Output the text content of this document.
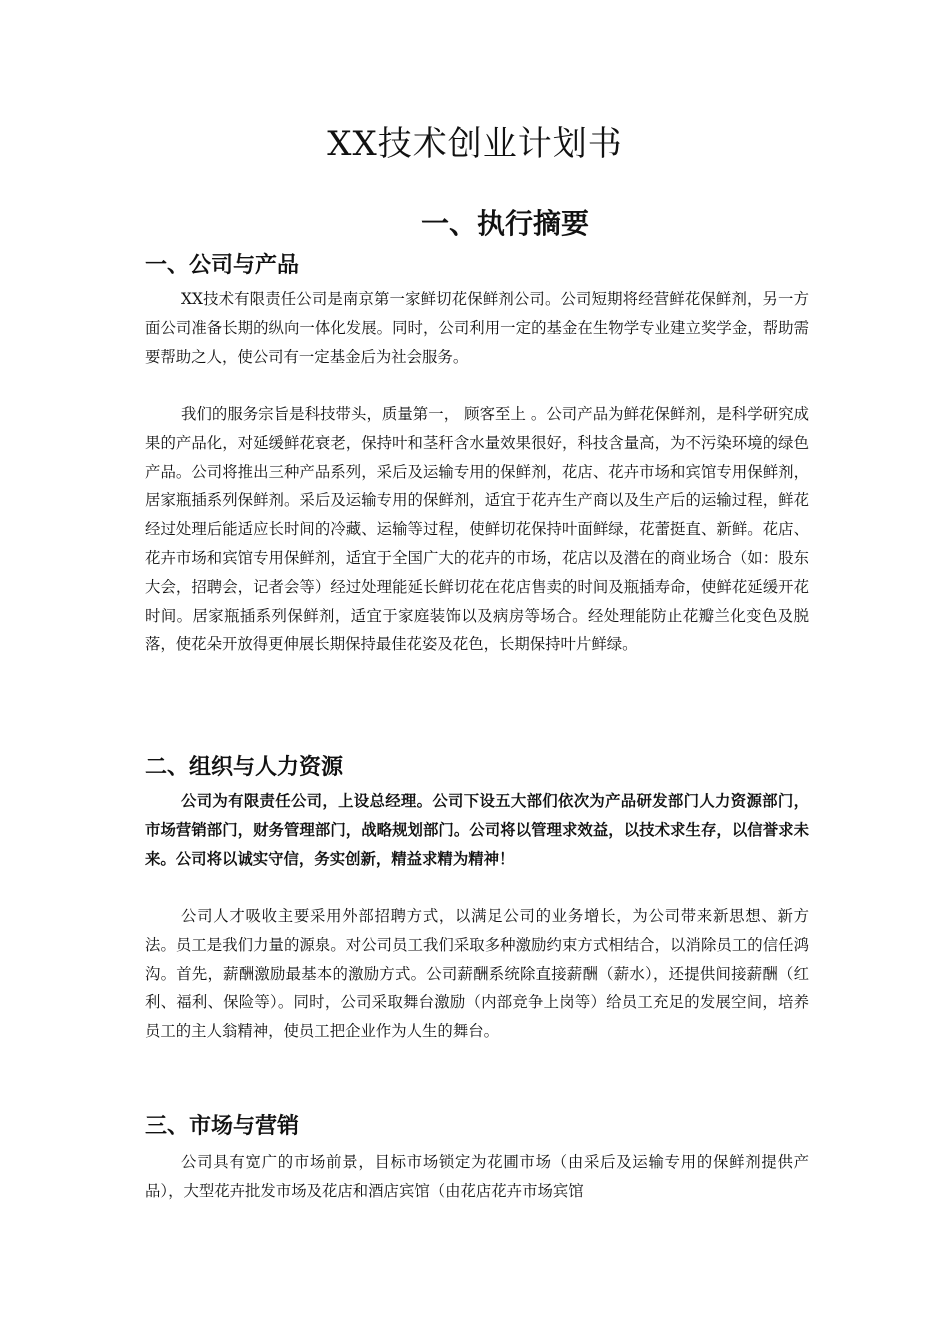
XX技术创业计划书
一、执行摘要
一、公司与产品

XX技术有限责任公司是南京第一家鲜切花保鲜剂公司。公司短期将经营鲜花保鲜剂，另一方面公司准备长期的纵向一体化发展。同时，公司利用一定的基金在生物学专业建立奖学金，帮助需要帮助之人，使公司有一定基金后为社会服务。

我们的服务宗旨是科技带头，质量第一， 顾客至上 。公司产品为鲜花保鲜剂，是科学研究成果的产品化，对延缓鲜花衰老，保持叶和茎秆含水量效果很好，科技含量高，为不污染环境的绿色产品。公司将推出三种产品系列，采后及运输专用的保鲜剂，花店、花卉市场和宾馆专用保鲜剂，居家瓶插系列保鲜剂。采后及运输专用的保鲜剂，适宜于花卉生产商以及生产后的运输过程，鲜花经过处理后能适应长时间的冷藏、运输等过程，使鲜切花保持叶面鲜绿，花蕾挺直、新鲜。花店、花卉市场和宾馆专用保鲜剂，适宜于全国广大的花卉的市场，花店以及潜在的商业场合（如：股东大会，招聘会，记者会等）经过处理能延长鲜切花在花店售卖的时间及瓶插寿命，使鲜花延缓开花时间。居家瓶插系列保鲜剂，适宜于家庭装饰以及病房等场合。经处理能防止花瓣兰化变色及脱落，使花朵开放得更伸展长期保持最佳花姿及花色，长期保持叶片鲜绿。

二、组织与人力资源

公司为有限责任公司，上设总经理。公司下设五大部们依次为产品研发部门人力资源部门，市场营销部门，财务管理部门，战略规划部门。公司将以管理求效益，以技术求生存，以信誉求未来。公司将以诚实守信，务实创新，精益求精为精神！

公司人才吸收主要采用外部招聘方式，以满足公司的业务增长，为公司带来新思想、新方法。员工是我们力量的源泉。对公司员工我们采取多种激励约束方式相结合，以消除员工的信任鸿沟。首先，薪酬激励最基本的激励方式。公司薪酬系统除直接薪酬（薪水），还提供间接薪酬（红利、福利、保险等）。同时，公司采取舞台激励（内部竞争上岗等）给员工充足的发展空间，培养员工的主人翁精神，使员工把企业作为人生的舞台。

三、市场与营销

公司具有宽广的市场前景，目标市场锁定为花圃市场（由采后及运输专用的保鲜剂提供产品），大型花卉批发市场及花店和酒店宾馆（由花店花卉市场宾馆
